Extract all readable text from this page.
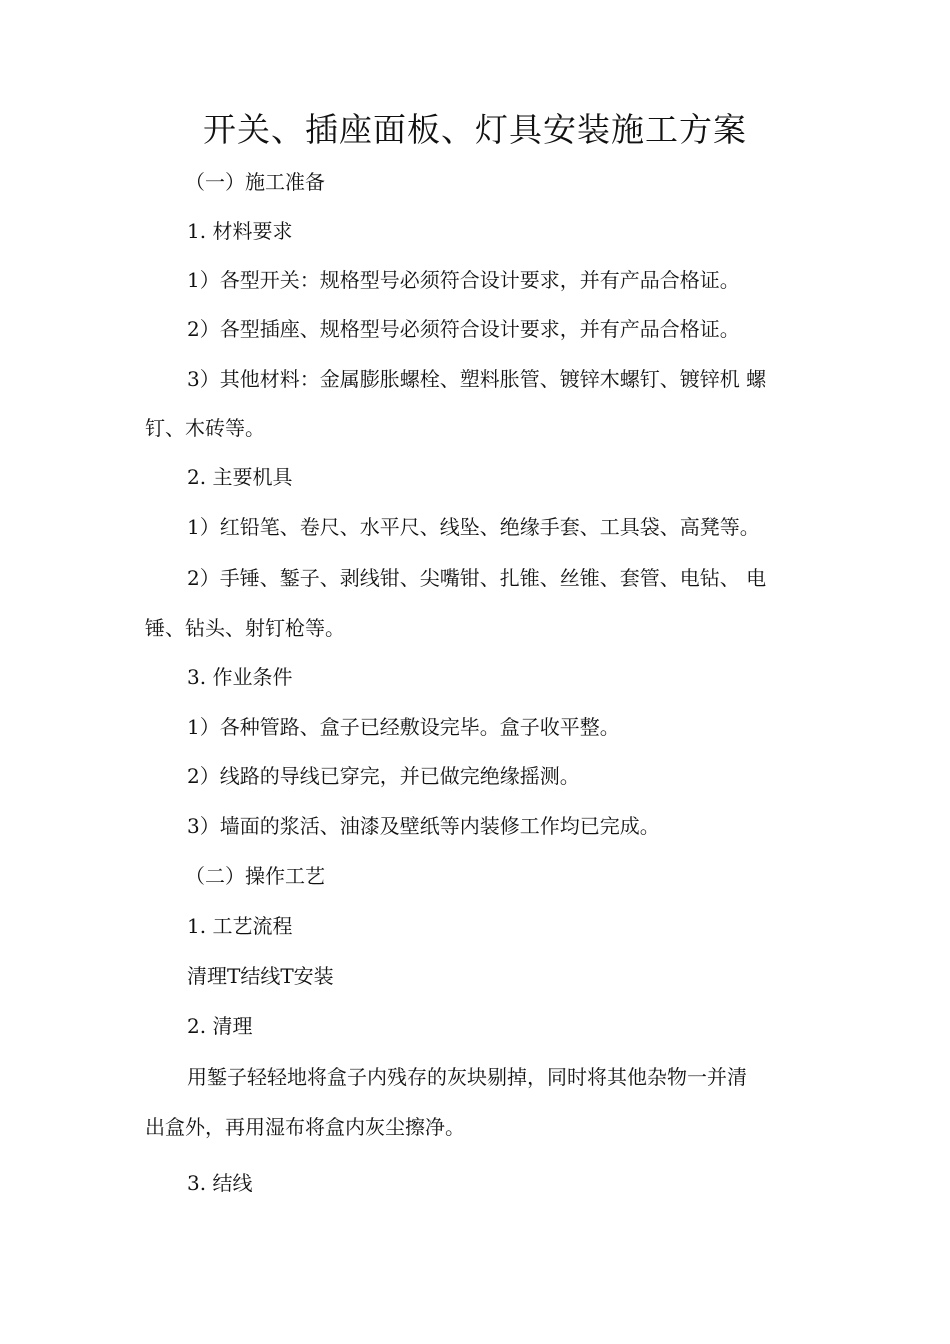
开关、插座面板、灯具安装施工方案
（一）施工准备
1. 材料要求
1）各型开关：规格型号必须符合设计要求，并有产品合格证。
2）各型插座、规格型号必须符合设计要求，并有产品合格证。
3）其他材料：金属膨胀螺栓、塑料胀管、镀锌木螺钉、镀锌机 螺
钉、木砖等。
2. 主要机具
1）红铅笔、卷尺、水平尺、线坠、绝缘手套、工具袋、高凳等。
2）手锤、錾子、剥线钳、尖嘴钳、扎锥、丝锥、套管、电钻、 电
锤、钻头、射钉枪等。
3. 作业条件
1）各种管路、盒子已经敷设完毕。盒子收平整。
2）线路的导线已穿完，并已做完绝缘摇测。
3）墙面的浆活、油漆及壁纸等内装修工作均已完成。
（二）操作工艺
1. 工艺流程
清理T结线T安装
2. 清理
用錾子轻轻地将盒子内残存的灰块剔掉，同时将其他杂物一并清
出盒外，再用湿布将盒内灰尘擦净。
3. 结线
